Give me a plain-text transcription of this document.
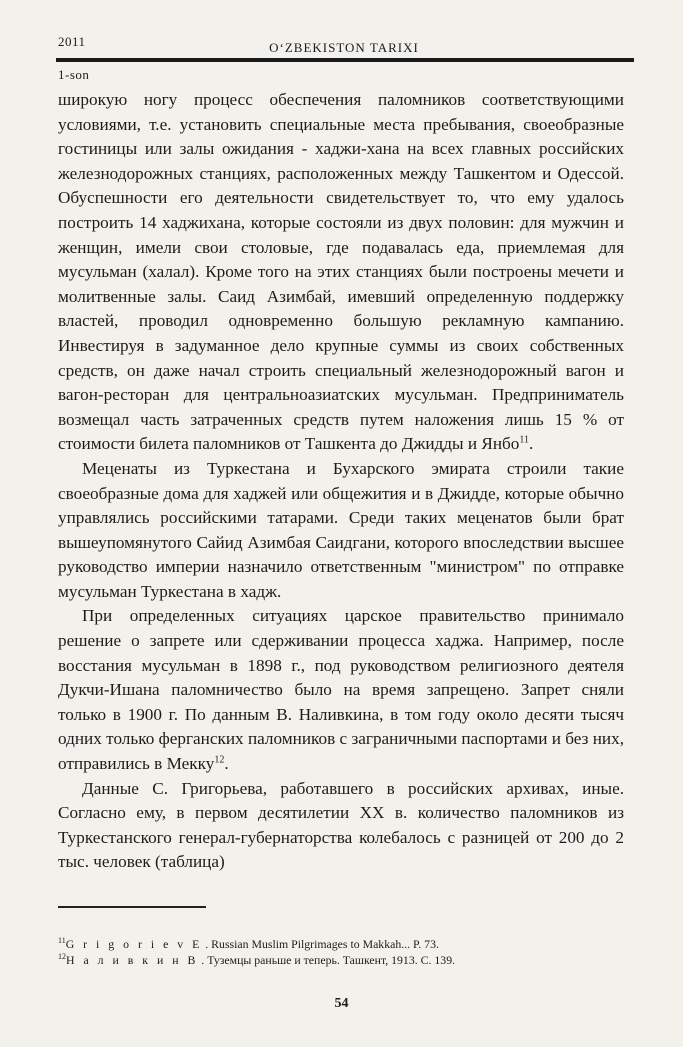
2011	O‘ZBEKISTON TARIXI
1-son

широкую ногу процесс обеспечения паломников соответствующими условиями, т.е. установить специальные места пребывания, своеобразные гостиницы или залы ожидания - хаджи-хана на всех главных российских железнодорожных станциях, расположенных между Ташкентом и Одессой. Обуспешности его деятельности свидетельствует то, что ему удалось построить 14 хаджихана, которые состояли из двух половин: для мужчин и женщин, имели свои столовые, где подавалась еда, приемлемая для мусульман (халал). Кроме того на этих станциях были построены мечети и молитвенные залы. Саид Азимбай, имевший определенную поддержку властей, проводил одновременно большую рекламную кампанию. Инвестируя в задуманное дело крупные суммы из своих собственных средств, он даже начал строить специальный железнодорожный вагон и вагон-ресторан для центральноазиатских мусульман. Предприниматель возмещал часть затраченных средств путем наложения лишь 15 % от стоимости билета паломников от Ташкента до Джидды и Янбо$^{11}$.

Меценаты из Туркестана и Бухарского эмирата строили такие своеобразные дома для хаджей или общежития и в Джидде, которые обычно управлялись российскими татарами. Среди таких меценатов были брат вышеупомянутого Сайид Азимбая Саидгани, которого впоследствии высшее руководство империи назначило ответственным "министром" по отправке мусульман Туркестана в хадж.

При определенных ситуациях царское правительство принимало решение о запрете или сдерживании процесса хаджа. Например, после восстания мусульман в 1898 г., под руководством религиозного деятеля Дукчи-Ишана паломничество было на время запрещено. Запрет сняли только в 1900 г. По данным В. Наливкина, в том году около десяти тысяч одних только ферганских паломников с заграничными паспортами и без них, отправились в Мекку$^{12}$.

Данные С. Григорьева, работавшего в российских архивах, иные. Согласно ему, в первом десятилетии XX в. количество паломников из Туркестанского генерал-губернаторства колебалось с разницей от 200 до 2 тыс. человек (таблица)

$^{11}$G r i g o r i e v E . Russian Muslim Pilgrimages to Makkah... P. 73.

$^{12}$Н а л и в к и н В . Туземцы раньше и теперь. Ташкент, 1913. С. 139.

54
